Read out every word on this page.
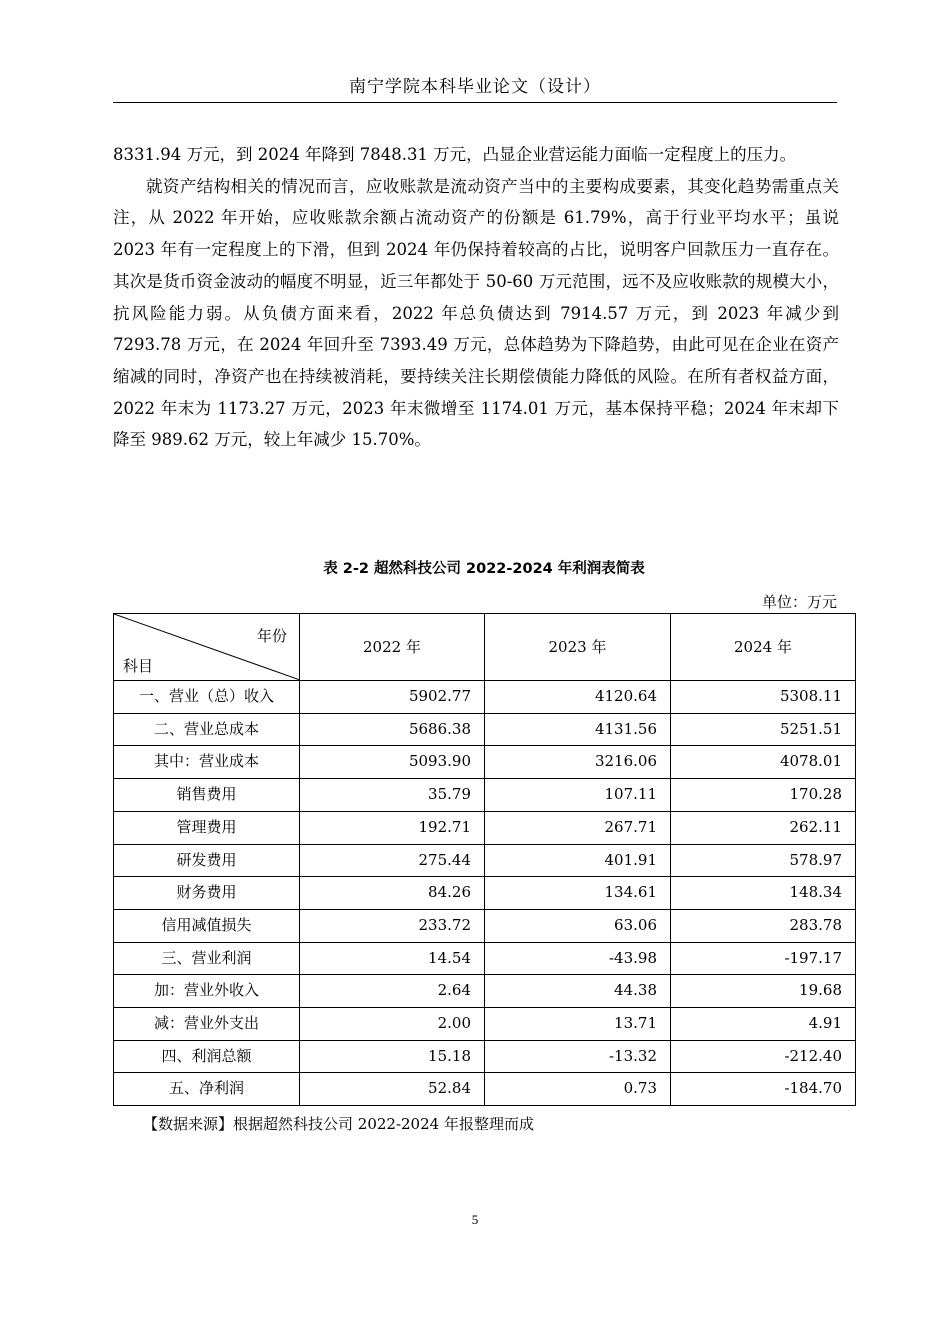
南宁学院本科毕业论文（设计）

8331.94 万元，到 2024 年降到 7848.31 万元，凸显企业营运能力面临一定程度上的压力。

就资产结构相关的情况而言，应收账款是流动资产当中的主要构成要素，其变化趋势需重点关注，从 2022 年开始，应收账款余额占流动资产的份额是 61.79%，高于行业平均水平；虽说 2023 年有一定程度上的下滑，但到 2024 年仍保持着较高的占比，说明客户回款压力一直存在。其次是货币资金波动的幅度不明显，近三年都处于 50-60 万元范围，远不及应收账款的规模大小，抗风险能力弱。从负债方面来看，2022 年总负债达到 7914.57 万元，到 2023 年减少到 7293.78 万元，在 2024 年回升至 7393.49 万元，总体趋势为下降趋势，由此可见在企业在资产缩减的同时，净资产也在持续被消耗，要持续关注长期偿债能力降低的风险。在所有者权益方面，2022 年末为 1173.27 万元，2023 年末微增至 1174.01 万元，基本保持平稳；2024 年末却下降至 989.62 万元，较上年减少 15.70%。

表 2-2 超然科技公司 2022-2024 年利润表简表
单位：万元
年份
科目	2022 年	2023 年	2024 年
一、营业（总）收入	5902.77	4120.64	5308.11
二、营业总成本	5686.38	4131.56	5251.51
其中：营业成本	5093.90	3216.06	4078.01
销售费用	35.79	107.11	170.28
管理费用	192.71	267.71	262.11
研发费用	275.44	401.91	578.97
财务费用	84.26	134.61	148.34
信用减值损失	233.72	63.06	283.78
三、营业利润	14.54	-43.98	-197.17
加：营业外收入	2.64	44.38	19.68
减：营业外支出	2.00	13.71	4.91
四、利润总额	15.18	-13.32	-212.40
五、净利润	52.84	0.73	-184.70
【数据来源】根据超然科技公司 2022-2024 年报整理而成
5
